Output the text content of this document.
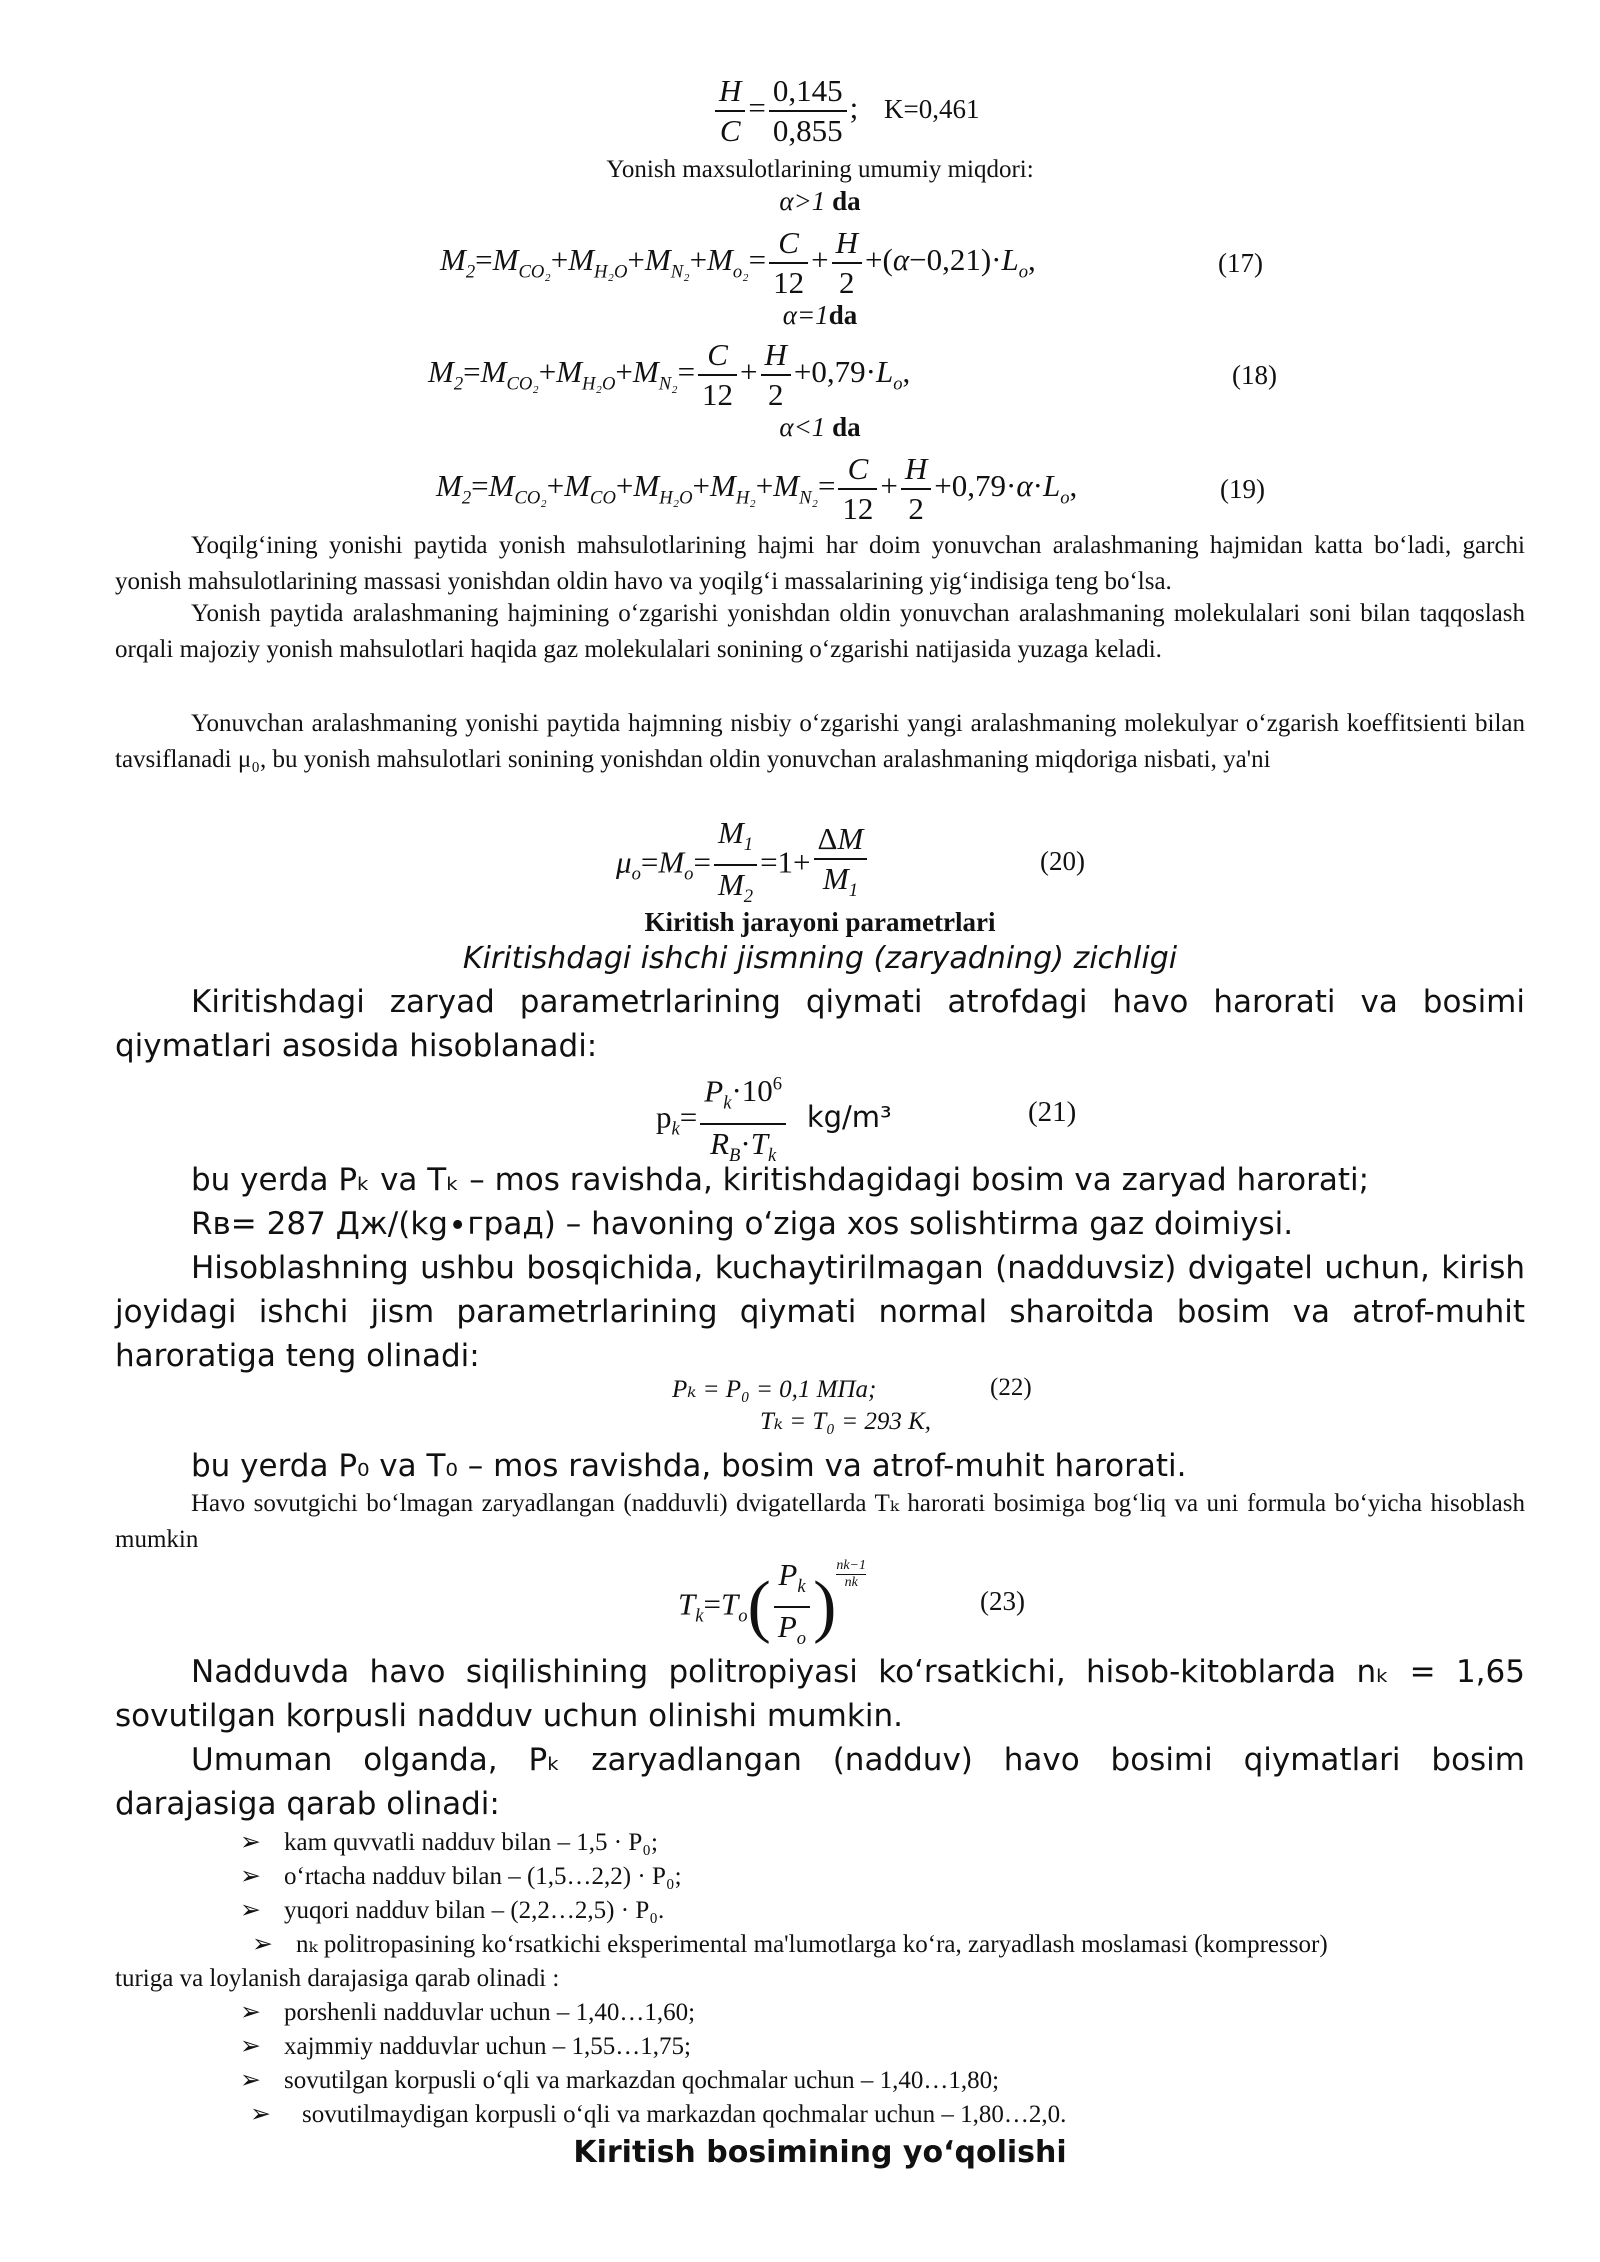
$\frac{H}{C} = \frac{0,145}{0,855}$ ; K=0,461
Yonish maxsulotlarining umumiy miqdori:
α>1 da
$M_2=M_{CO_2}+M_{H_2O}+M_{N_2}+M_{o_2}= \frac{C}{12} + \frac{H}{2} +(\alpha-0,21)\cdot L_o$,	(17)
α=1da
$M_2=M_{CO_2}+M_{H_2O}+M_{N_2}= \frac{C}{12} + \frac{H}{2} +0,79\cdot L_o$,	(18)
α<1 da
$M_2=M_{CO_2}+M_{CO}+M_{H_2O}+M_{H_2}+M_{N_2}= \frac{C}{12} + \frac{H}{2} +0,79\cdot\alpha\cdot L_o$,	(19)
Yoqilg‘ining yonishi paytida yonish mahsulotlarining hajmi har doim yonuvchan aralashmaning hajmidan katta bo‘ladi, garchi yonish mahsulotlarining massasi yonishdan oldin havo va yoqilg‘i massalarining yig‘indisiga teng bo‘lsa.
Yonish paytida aralashmaning hajmining o‘zgarishi yonishdan oldin yonuvchan aralashmaning molekulalari soni bilan taqqoslash orqali majoziy yonish mahsulotlari haqida gaz molekulalari sonining o‘zgarishi natijasida yuzaga keladi.
Yonuvchan aralashmaning yonishi paytida hajmning nisbiy o‘zgarishi yangi aralashmaning molekulyar o‘zgarish koeffitsienti bilan tavsiflanadi μ₀, bu yonish mahsulotlari sonining yonishdan oldin yonuvchan aralashmaning miqdoriga nisbati, ya'ni
$\mu_o=M_o= \frac{M_1}{M_2} =1+ \frac{\Delta M}{M_1}$	(20)
Kiritish jarayoni parametrlari
Kiritishdagi ishchi jismning (zaryadning) zichligi
Kiritishdagi zaryad parametrlarining qiymati atrofdagi havo harorati va bosimi qiymatlari asosida hisoblanadi:
$p_k= \frac{P_k\cdot 10^6}{R_B\cdot T_k} kg/m^3$	(21)
bu yerda Pₖ va Tₖ – mos ravishda, kiritishdagidagi bosim va zaryad harorati;
Rв= 287 Дж/(kg∙град) – havoning o‘ziga xos solishtirma gaz doimiysi.
Hisoblashning ushbu bosqichida, kuchaytirilmagan (nadduvsiz) dvigatel uchun, kirish joyidagi ishchi jism parametrlarining qiymati normal sharoitda bosim va atrof-muhit haroratiga teng olinadi:
Pₖ = P₀ = 0,1 МПа;	(22)
Tₖ = T₀ = 293 К,
bu yerda P₀ va T₀ – mos ravishda, bosim va atrof-muhit harorati.
Havo sovutgichi bo‘lmagan zaryadlangan (nadduvli) dvigatellarda Tₖ harorati bosimiga bog‘liq va uni formula bo‘yicha hisoblash mumkin
$T_k=T_o( \frac{P_k}{P_o}$ ) $^{\frac{nk-1}{nk}}$
(23)
Nadduvda havo siqilishining politropiyasi ko‘rsatkichi, hisob-kitoblarda nₖ = 1,65 sovutilgan korpusli nadduv uchun olinishi mumkin.
Umuman olganda, Pₖ zaryadlangan (nadduv) havo bosimi qiymatlari bosim darajasiga qarab olinadi:
➢ kam quvvatli nadduv bilan – 1,5 · P₀;
➢ o‘rtacha nadduv bilan – (1,5…2,2) · P₀;
➢ yuqori nadduv bilan – (2,2…2,5) · P₀.
➢ nₖ politropasining ko‘rsatkichi eksperimental ma'lumotlarga ko‘ra, zaryadlash moslamasi (kompressor)
turiga va loylanish darajasiga qarab olinadi :
➢ porshenli nadduvlar uchun – 1,40…1,60;
➢ xajmmiy nadduvlar uchun – 1,55…1,75;
➢ sovutilgan korpusli o‘qli va markazdan qochmalar uchun – 1,40…1,80;
➢ sovutilmaydigan korpusli o‘qli va markazdan qochmalar uchun – 1,80…2,0.
Kiritish bosimining yo‘qolishi
